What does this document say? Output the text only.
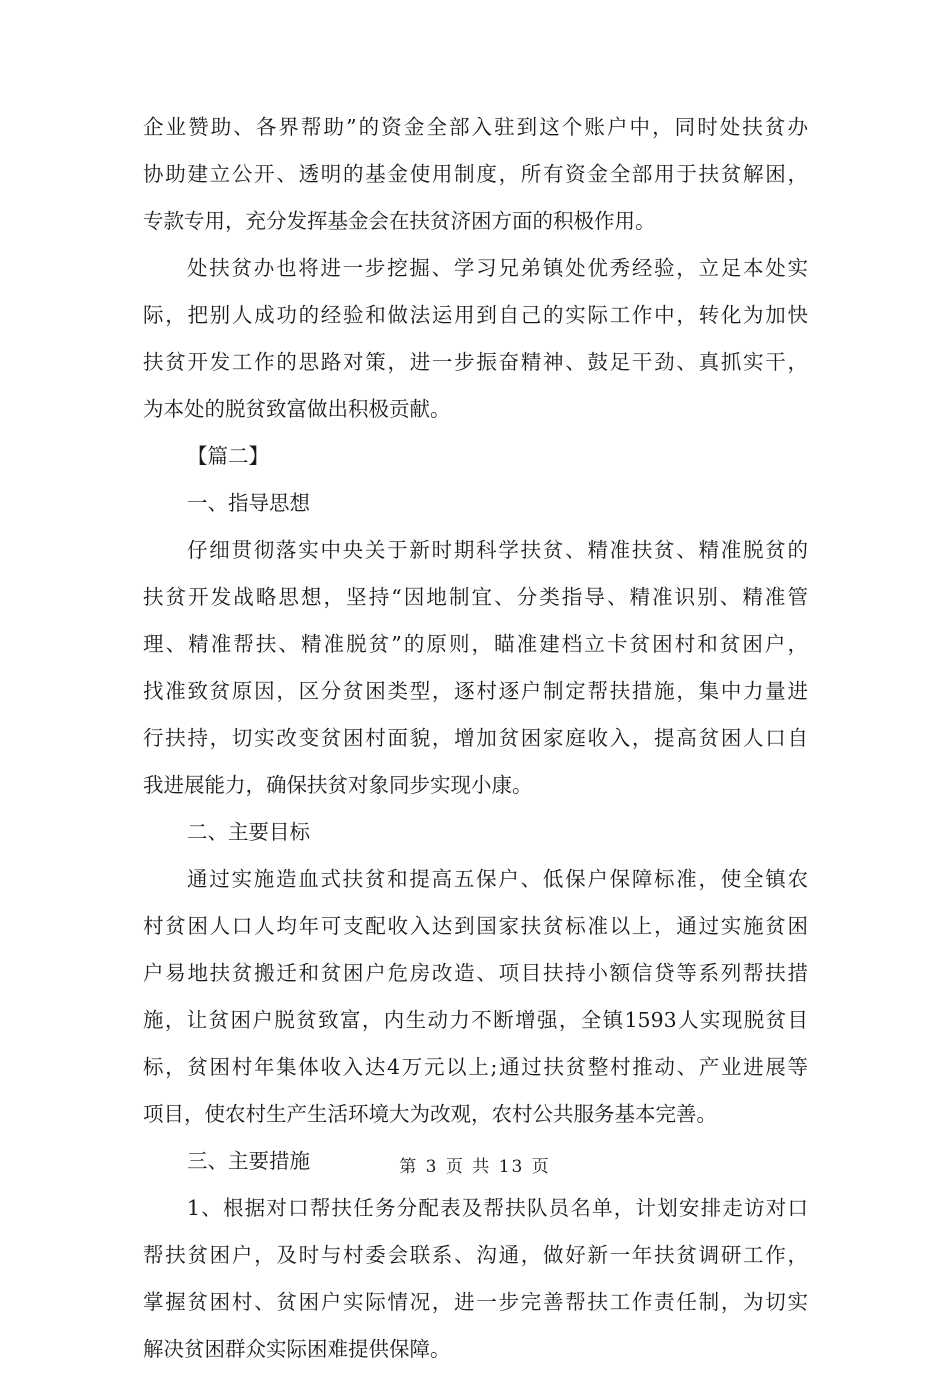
企业赞助、各界帮助”的资金全部入驻到这个账户中，同时处扶贫办
协助建立公开、透明的基金使用制度，所有资金全部用于扶贫解困，
专款专用，充分发挥基金会在扶贫济困方面的积极作用。
处扶贫办也将进一步挖掘、学习兄弟镇处优秀经验，立足本处实
际，把别人成功的经验和做法运用到自己的实际工作中，转化为加快
扶贫开发工作的思路对策，进一步振奋精神、鼓足干劲、真抓实干，
为本处的脱贫致富做出积极贡献。
【篇二】
一、指导思想
仔细贯彻落实中央关于新时期科学扶贫、精准扶贫、精准脱贫的
扶贫开发战略思想，坚持“因地制宜、分类指导、精准识别、精准管
理、精准帮扶、精准脱贫”的原则，瞄准建档立卡贫困村和贫困户，
找准致贫原因，区分贫困类型，逐村逐户制定帮扶措施，集中力量进
行扶持，切实改变贫困村面貌，增加贫困家庭收入，提高贫困人口自
我进展能力，确保扶贫对象同步实现小康。
二、主要目标
通过实施造血式扶贫和提高五保户、低保户保障标准，使全镇农
村贫困人口人均年可支配收入达到国家扶贫标准以上，通过实施贫困
户易地扶贫搬迁和贫困户危房改造、项目扶持小额信贷等系列帮扶措
施，让贫困户脱贫致富，内生动力不断增强，全镇1593人实现脱贫目
标，贫困村年集体收入达4万元以上;通过扶贫整村推动、产业进展等
项目，使农村生产生活环境大为改观，农村公共服务基本完善。
三、主要措施
1、根据对口帮扶任务分配表及帮扶队员名单，计划安排走访对口
帮扶贫困户，及时与村委会联系、沟通，做好新一年扶贫调研工作，
掌握贫困村、贫困户实际情况，进一步完善帮扶工作责任制，为切实
解决贫困群众实际困难提供保障。
第 3 页 共 13 页
